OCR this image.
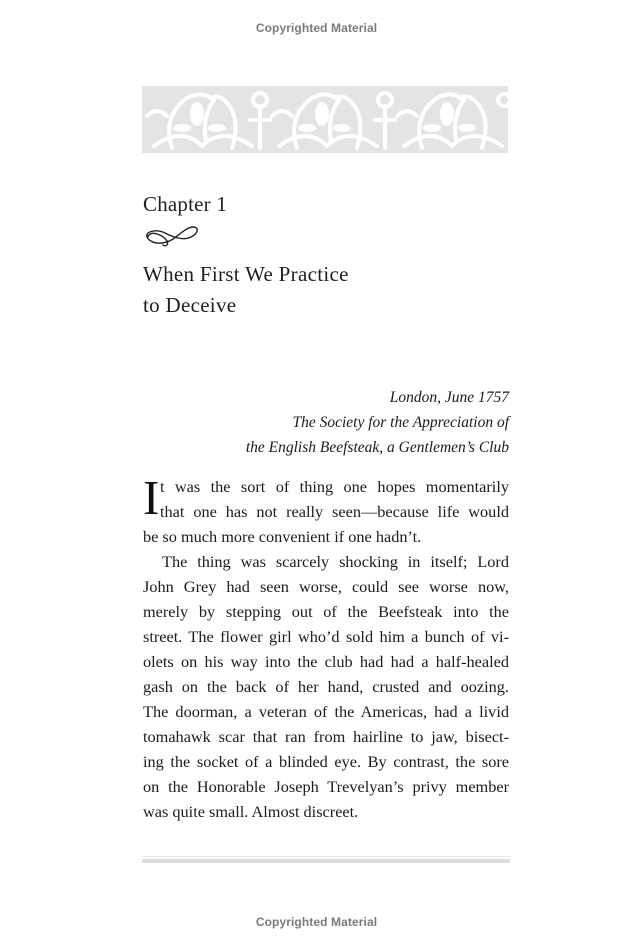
Copyrighted Material
Chapter 1
When First We Practice
to Deceive
London, June 1757
The Society for the Appreciation of
the English Beefsteak, a Gentlemen’s Club
I t was the sort of thing one hopes momentarily
that one has not really seen—because life would
be so much more convenient if one hadn’t.
The thing was scarcely shocking in itself; Lord
John Grey had seen worse, could see worse now,
merely by stepping out of the Beefsteak into the
street. The flower girl who’d sold him a bunch of vi-
olets on his way into the club had had a half-healed
gash on the back of her hand, crusted and oozing.
The doorman, a veteran of the Americas, had a livid
tomahawk scar that ran from hairline to jaw, bisect-
ing the socket of a blinded eye. By contrast, the sore
on the Honorable Joseph Trevelyan’s privy member
was quite small. Almost discreet.
Copyrighted Material
